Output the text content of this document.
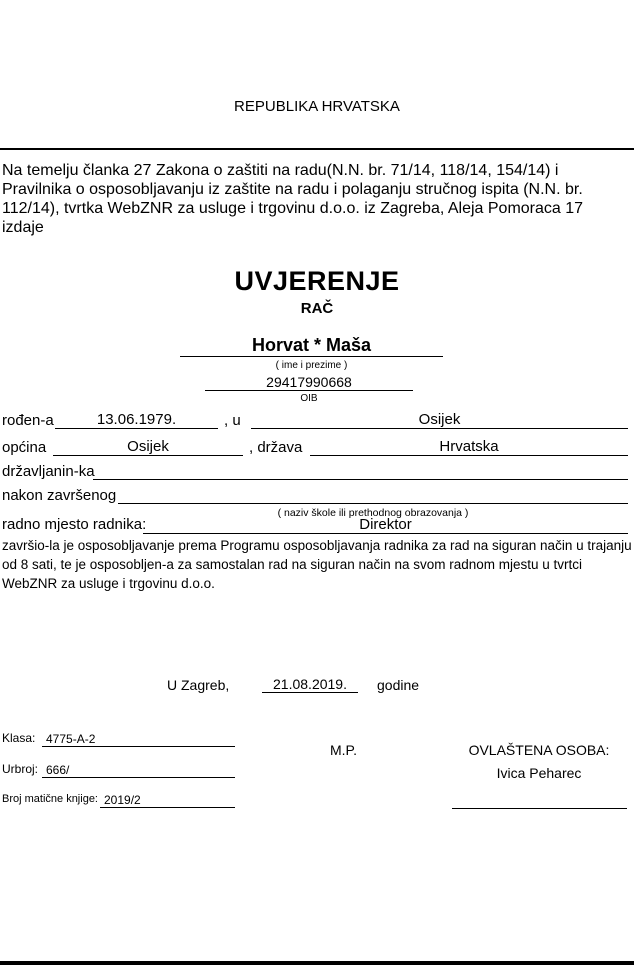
REPUBLIKA HRVATSKA
Na temelju članka 27 Zakona o zaštiti na radu(N.N. br. 71/14, 118/14, 154/14) i Pravilnika o osposobljavanju iz zaštite na radu i polaganju stručnog ispita (N.N. br. 112/14), tvrtka WebZNR za usluge i trgovinu d.o.o. iz Zagreba, Aleja Pomoraca 17 izdaje
UVJERENJE
RAČ
Horvat * Maša
( ime i prezime )
29417990668
OIB
rođen-a	13.06.1979.	, u	Osijek
općina	Osijek	, država	Hrvatska
državljanin-ka
nakon završenog
( naziv škole ili prethodnog obrazovanja )
radno mjesto radnika:	Direktor
završio-la je osposobljavanje prema Programu osposobljavanja radnika za rad na siguran način u trajanju od 8 sati, te je osposobljen-a za samostalan rad na siguran način na svom radnom mjestu u tvrtci WebZNR za usluge i trgovinu d.o.o.
U Zagreb,	21.08.2019.	godine
Klasa: 4775-A-2
Urbroj: 666/
Broj matične knjige: 2019/2
M.P.	OVLAŠTENA OSOBA:
Ivica Peharec
